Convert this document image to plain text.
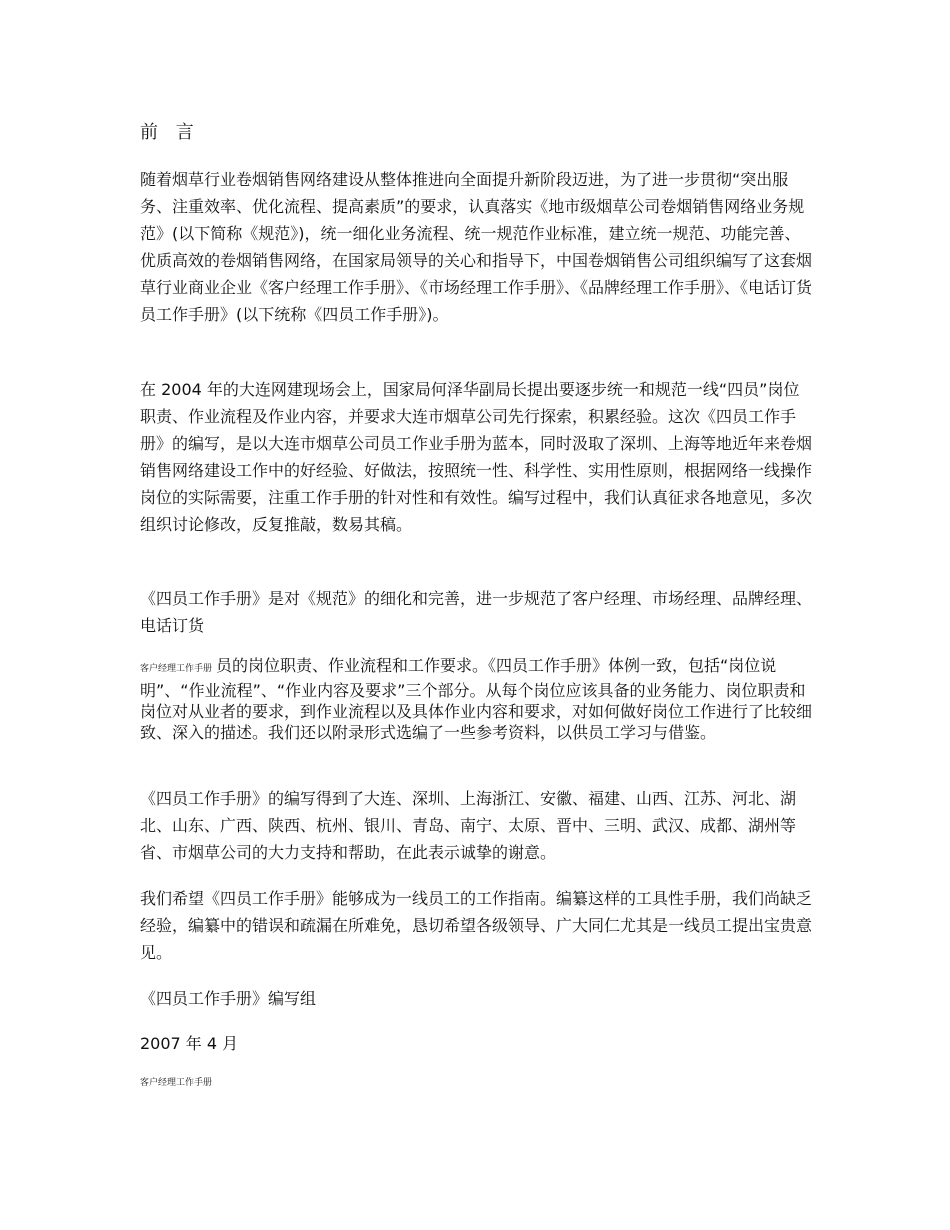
前 言

随着烟草行业卷烟销售网络建设从整体推进向全面提升新阶段迈进，为了进一步贯彻“突出服务、注重效率、优化流程、提高素质”的要求，认真落实《地市级烟草公司卷烟销售网络业务规范》(以下简称《规范》)，统一细化业务流程、统一规范作业标准，建立统一规范、功能完善、优质高效的卷烟销售网络，在国家局领导的关心和指导下，中国卷烟销售公司组织编写了这套烟草行业商业企业《客户经理工作手册》、《市场经理工作手册》、《品牌经理工作手册》、《电话订货员工作手册》(以下统称《四员工作手册》)。

在 2004 年的大连网建现场会上，国家局何泽华副局长提出要逐步统一和规范一线“四员”岗位职责、作业流程及作业内容，并要求大连市烟草公司先行探索，积累经验。这次《四员工作手册》的编写，是以大连市烟草公司员工作业手册为蓝本，同时汲取了深圳、上海等地近年来卷烟销售网络建设工作中的好经验、好做法，按照统一性、科学性、实用性原则，根据网络一线操作岗位的实际需要，注重工作手册的针对性和有效性。编写过程中，我们认真征求各地意见，多次组织讨论修改，反复推敲，数易其稿。

《四员工作手册》是对《规范》的细化和完善，进一步规范了客户经理、市场经理、品牌经理、电话订货

客户经理工作手册 员的岗位职责、作业流程和工作要求。《四员工作手册》体例一致，包括“岗位说明”、“作业流程”、“作业内容及要求”三个部分。从每个岗位应该具备的业务能力、岗位职责和岗位对从业者的要求，到作业流程以及具体作业内容和要求，对如何做好岗位工作进行了比较细致、深入的描述。我们还以附录形式选编了一些参考资料，以供员工学习与借鉴。

《四员工作手册》的编写得到了大连、深圳、上海浙江、安徽、福建、山西、江苏、河北、湖北、山东、广西、陕西、杭州、银川、青岛、南宁、太原、晋中、三明、武汉、成都、湖州等省、市烟草公司的大力支持和帮助，在此表示诚挚的谢意。

我们希望《四员工作手册》能够成为一线员工的工作指南。编纂这样的工具性手册，我们尚缺乏经验，编纂中的错误和疏漏在所难免，恳切希望各级领导、广大同仁尤其是一线员工提出宝贵意见。

《四员工作手册》编写组

2007 年 4 月

客户经理工作手册
